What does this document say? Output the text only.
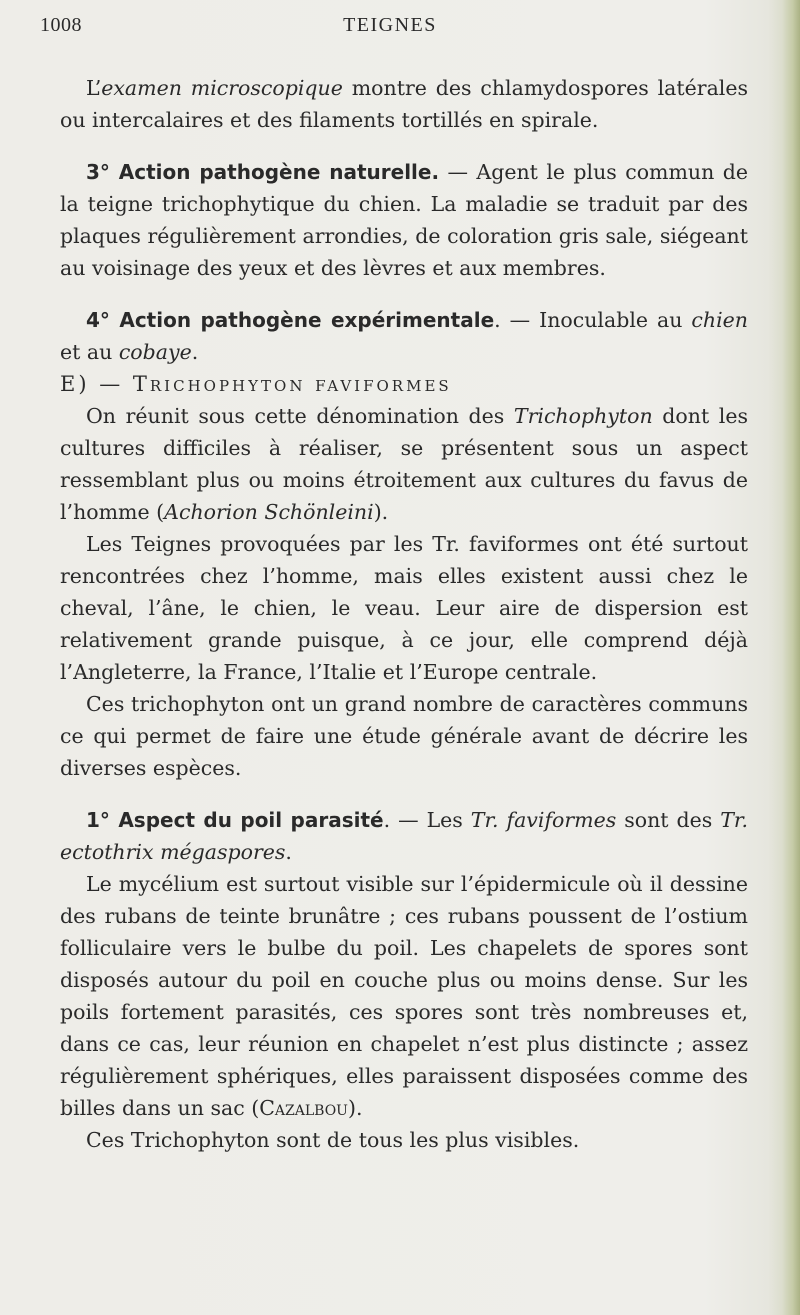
1008	TEIGNES

L’examen microscopique montre des chlamydospores latérales ou intercalaires et des filaments tortillés en spirale.

3° Action pathogène naturelle. — Agent le plus commun de la teigne trichophytique du chien. La maladie se traduit par des plaques régulièrement arrondies, de coloration gris sale, siégeant au voisinage des yeux et des lèvres et aux membres.

4° Action pathogène expérimentale. — Inoculable au chien et au cobaye.

E) — Trichophyton faviformes

On réunit sous cette dénomination des Trichophyton dont les cultures difficiles à réaliser, se présentent sous un aspect ressemblant plus ou moins étroitement aux cultures du favus de l’homme (Achorion Schönleini).

Les Teignes provoquées par les Tr. faviformes ont été surtout rencontrées chez l’homme, mais elles existent aussi chez le cheval, l’âne, le chien, le veau. Leur aire de dispersion est relativement grande puisque, à ce jour, elle comprend déjà l’Angleterre, la France, l’Italie et l’Europe centrale.

Ces trichophyton ont un grand nombre de caractères communs ce qui permet de faire une étude générale avant de décrire les diverses espèces.

1° Aspect du poil parasité. — Les Tr. faviformes sont des Tr. ectothrix mégaspores.

Le mycélium est surtout visible sur l’épidermicule où il dessine des rubans de teinte brunâtre ; ces rubans poussent de l’ostium folliculaire vers le bulbe du poil. Les chapelets de spores sont disposés autour du poil en couche plus ou moins dense. Sur les poils fortement parasités, ces spores sont très nombreuses et, dans ce cas, leur réunion en chapelet n’est plus distincte ; assez régulièrement sphériques, elles paraissent disposées comme des billes dans un sac (Cazalbou).

Ces Trichophyton sont de tous les plus visibles.
